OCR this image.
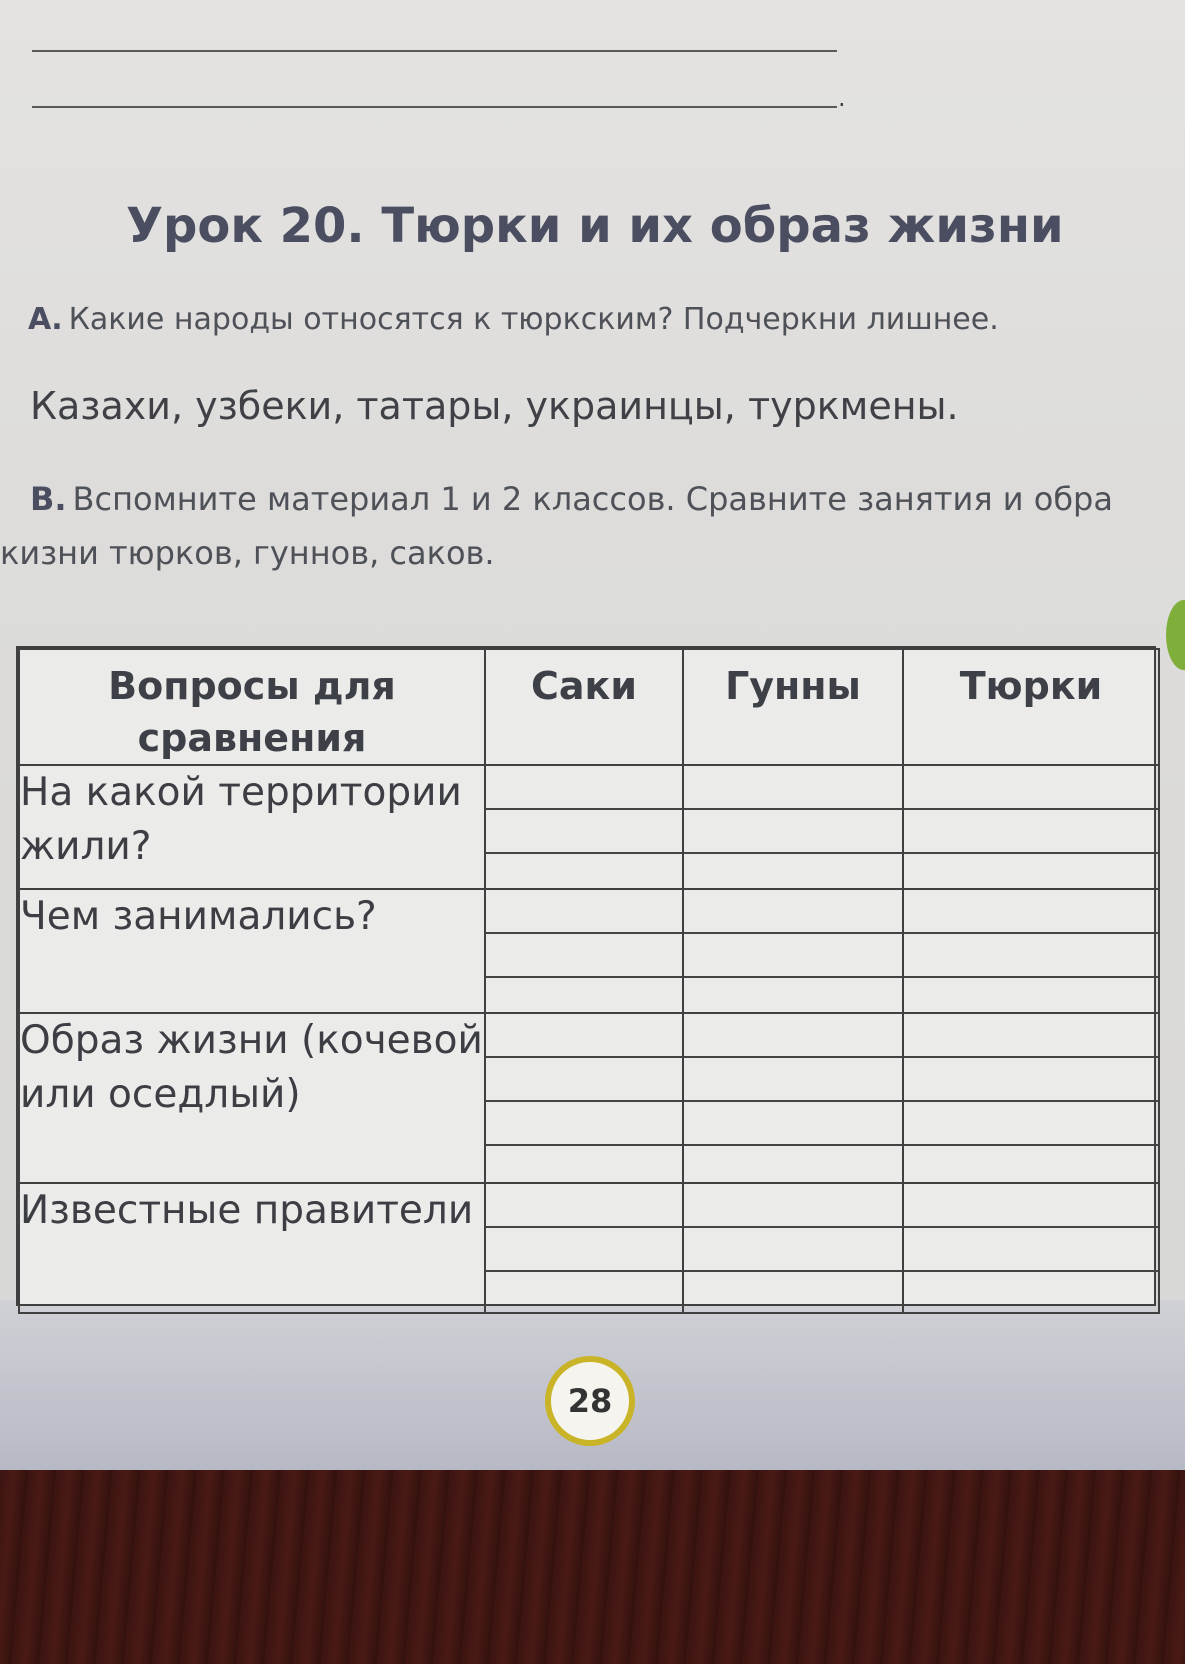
.
Урок 20. Тюрки и их образ жизни
А. Какие народы относятся к тюркским? Подчеркни лишнее.
Казахи, узбеки, татары, украинцы, туркмены.
В. Вспомните материал 1 и 2 классов. Сравните занятия и обра
кизни тюрков, гуннов, саков.
Вопросы для сравнения	Саки	Гунны	Тюрки
На какой территории жили?			
Чем занимались?			
Образ жизни (кочевой или оседлый)			
Известные правители			
28
